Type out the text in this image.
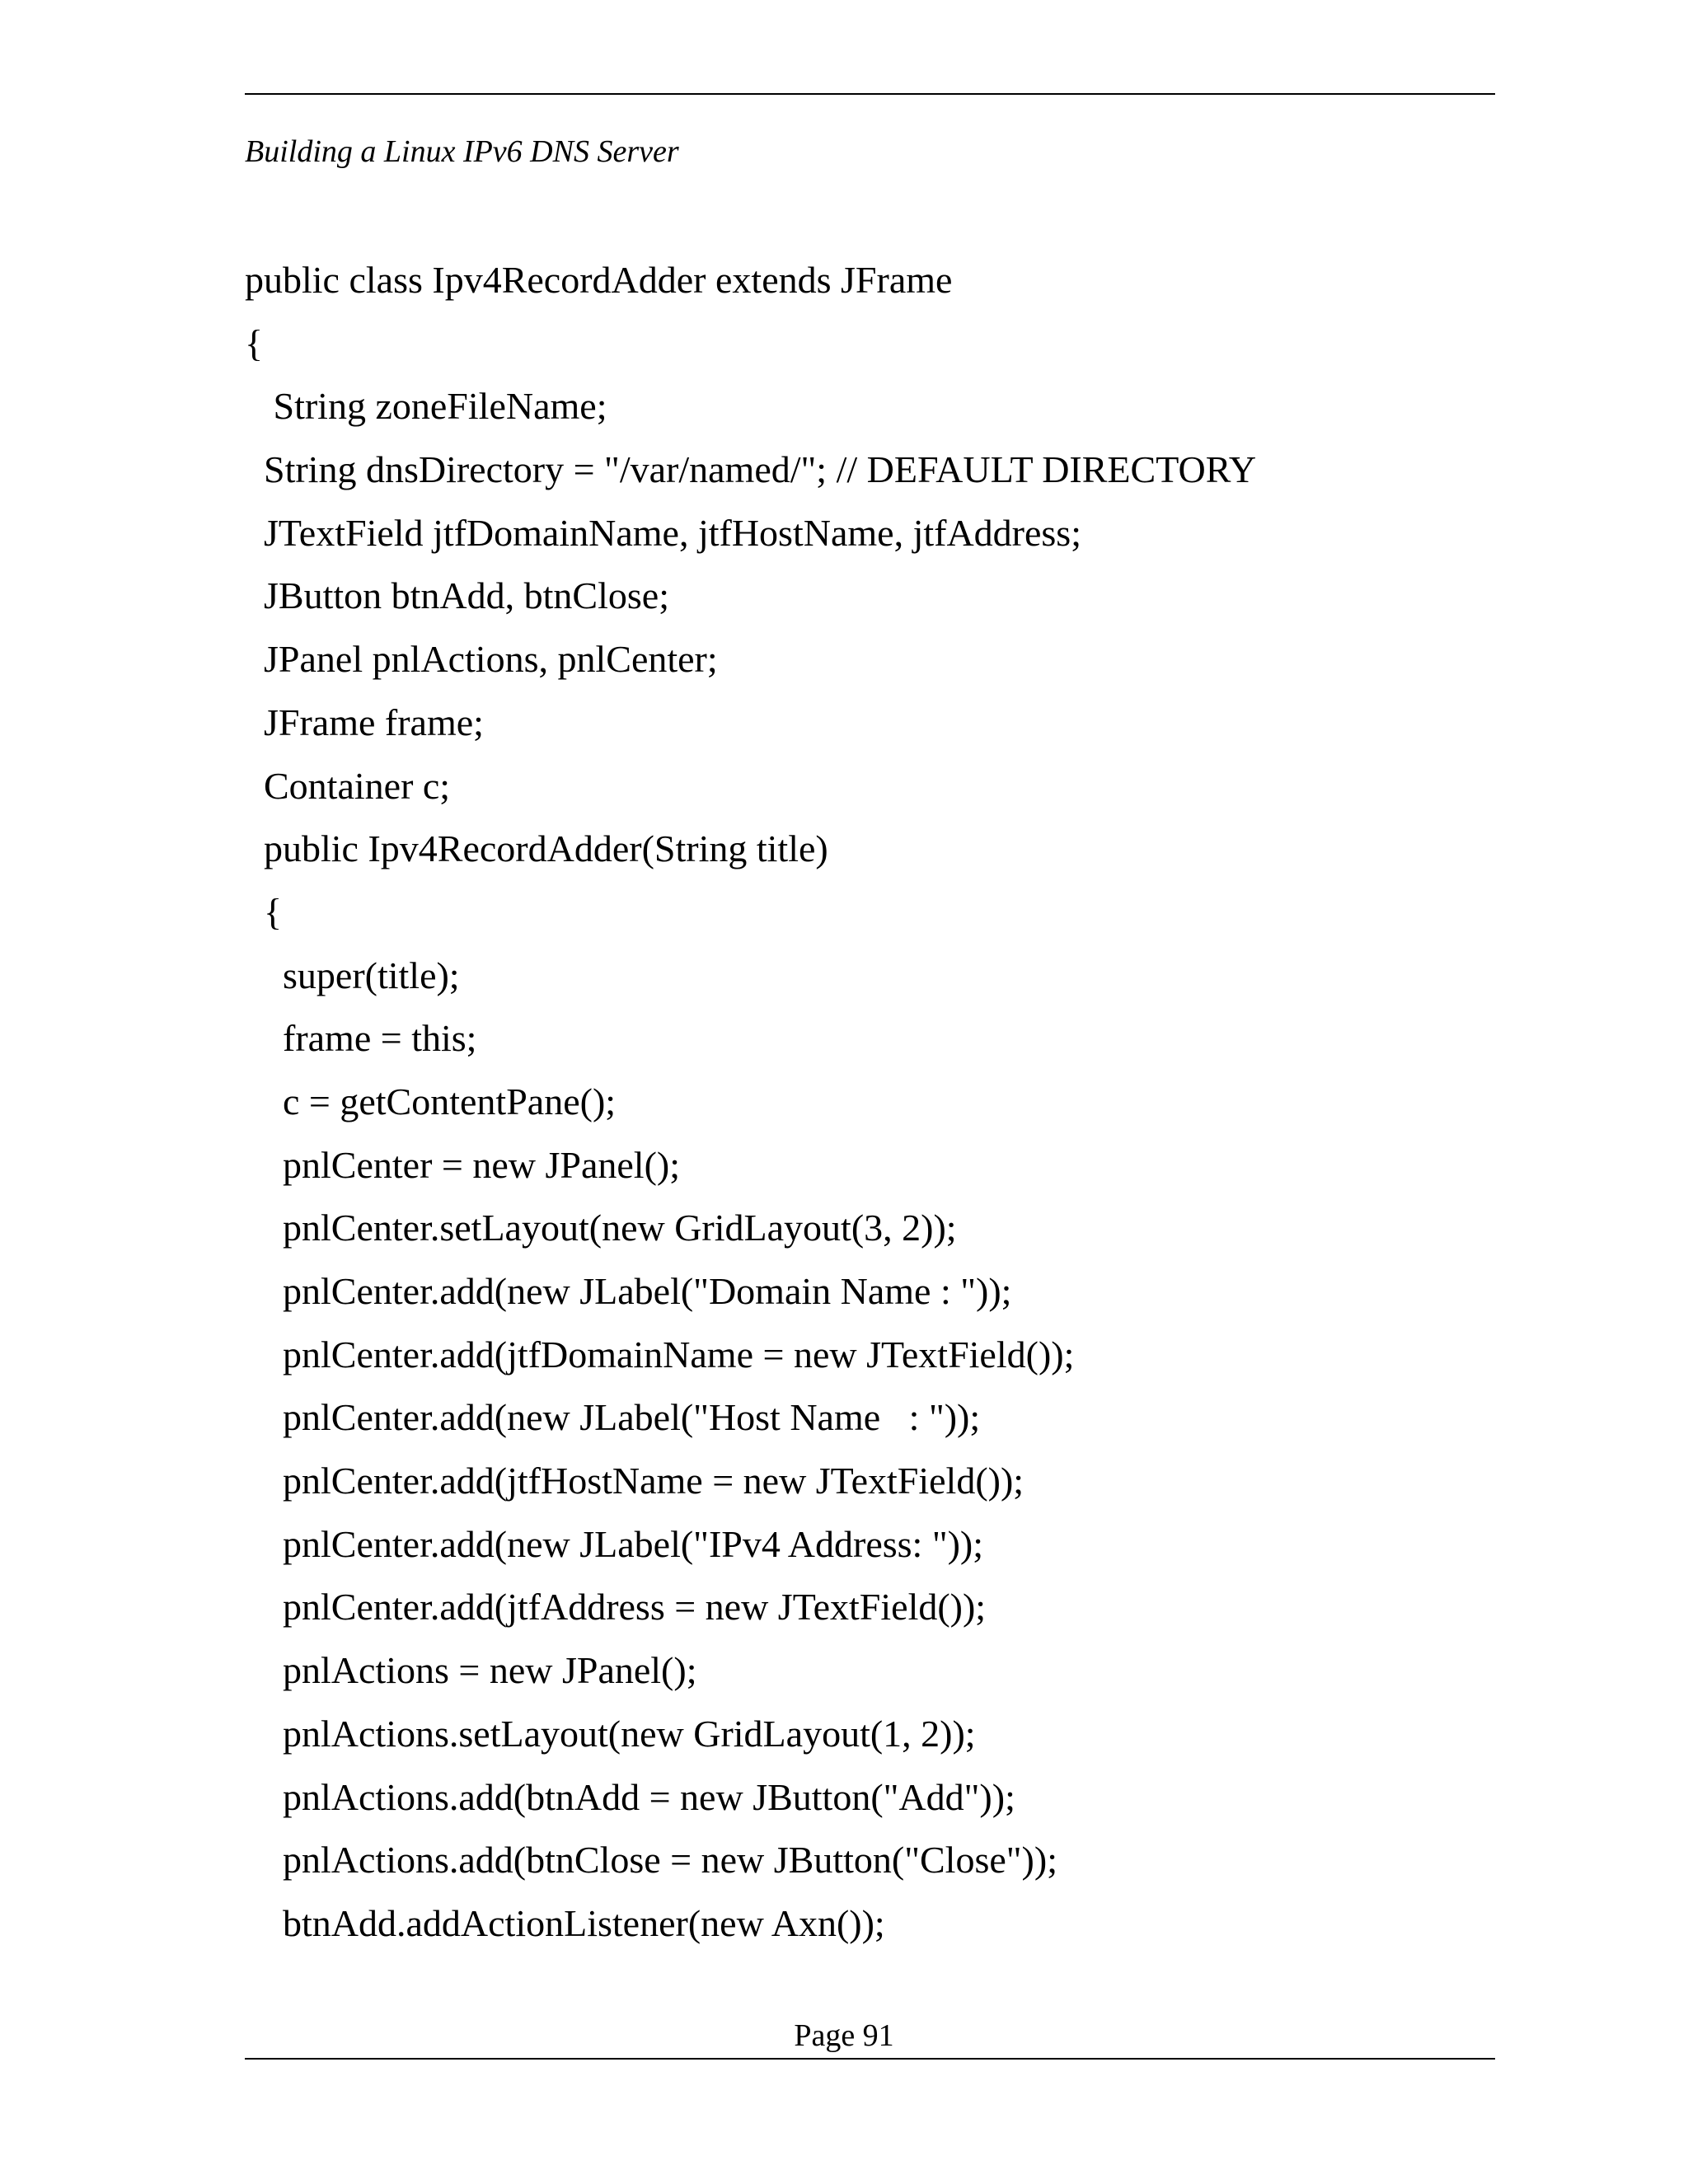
Building a Linux IPv6 DNS Server
public class Ipv4RecordAdder extends JFrame
{
String zoneFileName;
String dnsDirectory = "/var/named/"; // DEFAULT DIRECTORY
JTextField jtfDomainName, jtfHostName, jtfAddress;
JButton btnAdd, btnClose;
JPanel pnlActions, pnlCenter;
JFrame frame;
Container c;
public Ipv4RecordAdder(String title)
{
super(title);
frame = this;
c = getContentPane();
pnlCenter = new JPanel();
pnlCenter.setLayout(new GridLayout(3, 2));
pnlCenter.add(new JLabel("Domain Name : "));
pnlCenter.add(jtfDomainName = new JTextField());
pnlCenter.add(new JLabel("Host Name   : "));
pnlCenter.add(jtfHostName = new JTextField());
pnlCenter.add(new JLabel("IPv4 Address: "));
pnlCenter.add(jtfAddress = new JTextField());
pnlActions = new JPanel();
pnlActions.setLayout(new GridLayout(1, 2));
pnlActions.add(btnAdd = new JButton("Add"));
pnlActions.add(btnClose = new JButton("Close"));
btnAdd.addActionListener(new Axn());
Page 91
